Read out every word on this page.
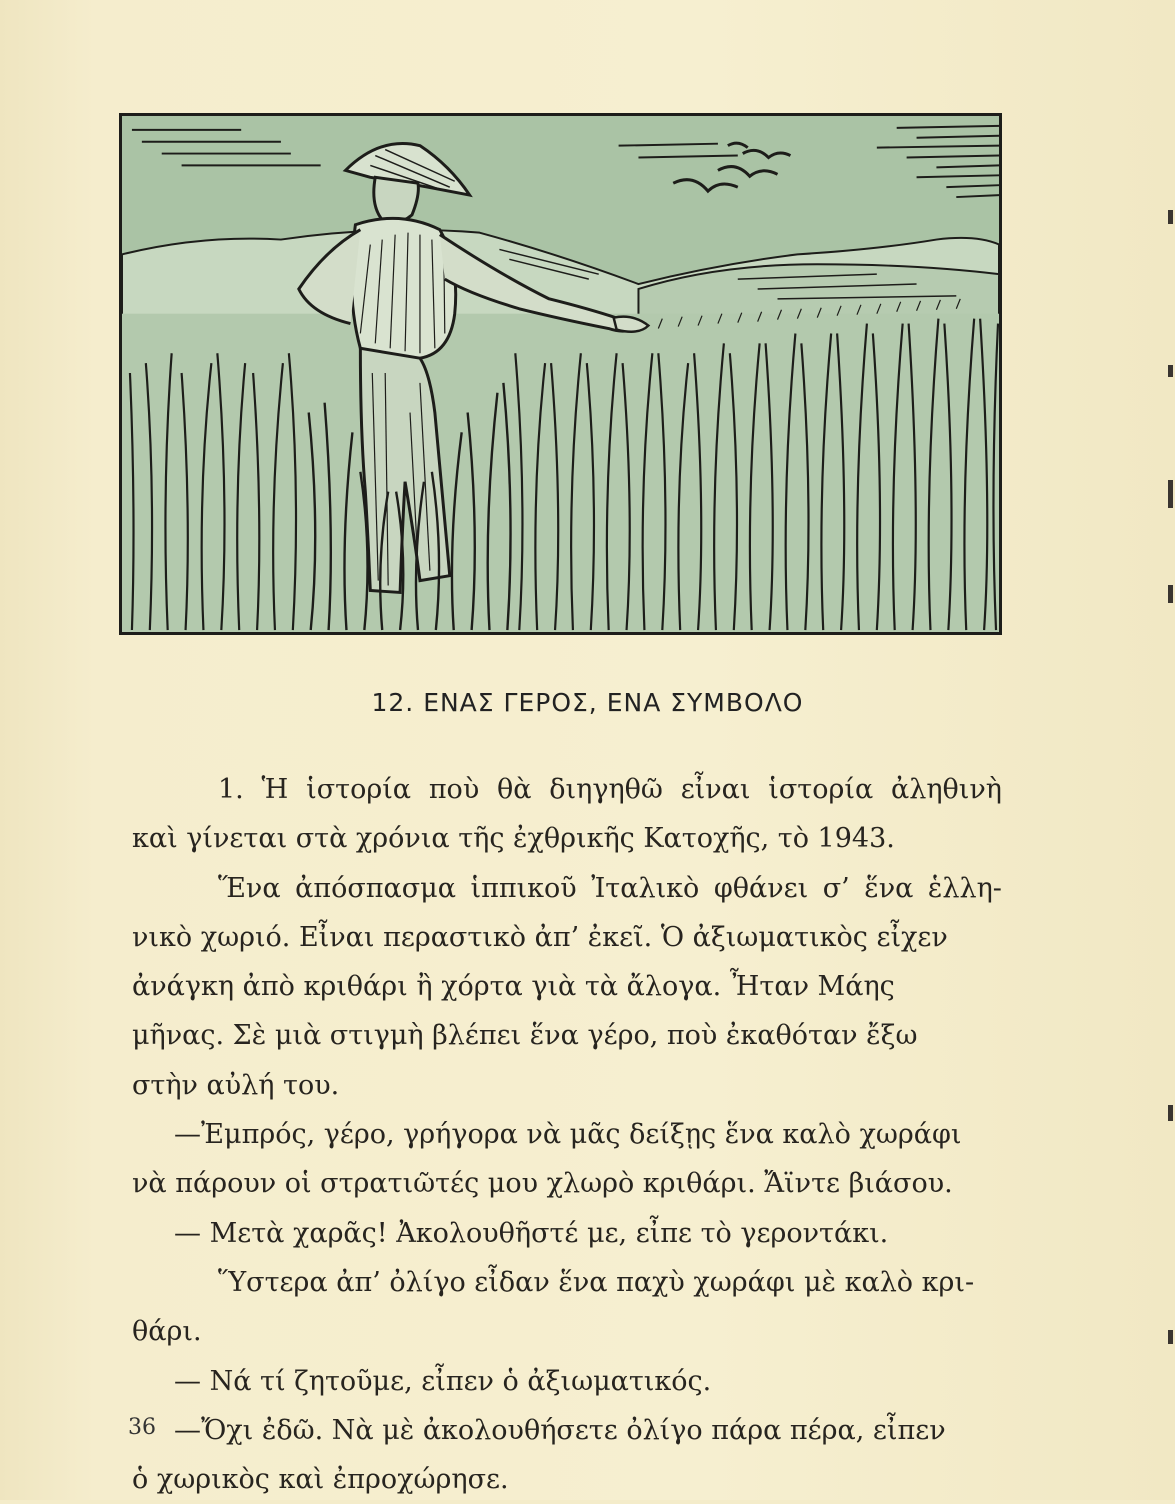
12. ΕΝΑΣ ΓΕΡΟΣ, ΕΝΑ ΣΥΜΒΟΛΟ
1. Ἡ ἱστορία ποὺ θὰ διηγηθῶ εἶναι ἱστορία ἀληθινὴ
καὶ γίνεται στὰ χρόνια τῆς ἐχθρικῆς Κατοχῆς, τὸ 1943.
Ἕνα ἀπόσπασμα ἱππικοῦ Ἰταλικὸ φθάνει σ’ ἕνα ἑλλη-
νικὸ χωριό. Εἶναι περαστικὸ ἀπ’ ἐκεῖ. Ὁ ἀξιωματικὸς εἶχεν
ἀνάγκη ἀπὸ κριθάρι ἢ χόρτα γιὰ τὰ ἄλογα. Ἦταν Μάης
μῆνας. Σὲ μιὰ στιγμὴ βλέπει ἕνα γέρο, ποὺ ἐκαθόταν ἔξω
στὴν αὐλή του.
—Ἐμπρός, γέρο, γρήγορα νὰ μᾶς δείξῃς ἕνα καλὸ χωράφι
νὰ πάρουν οἱ στρατιῶτές μου χλωρὸ κριθάρι. Ἄϊντε βιάσου.
— Μετὰ χαρᾶς! Ἀκολουθῆστέ με, εἶπε τὸ γεροντάκι.
Ὕστερα ἀπ’ ὀλίγο εἶδαν ἕνα παχὺ χωράφι μὲ καλὸ κρι-
θάρι.
— Νά τί ζητοῦμε, εἶπεν ὁ ἀξιωματικός.
—Ὄχι ἐδῶ. Νὰ μὲ ἀκολουθήσετε ὀλίγο πάρα πέρα, εἶπεν
ὁ χωρικὸς καὶ ἐπροχώρησε.
36
